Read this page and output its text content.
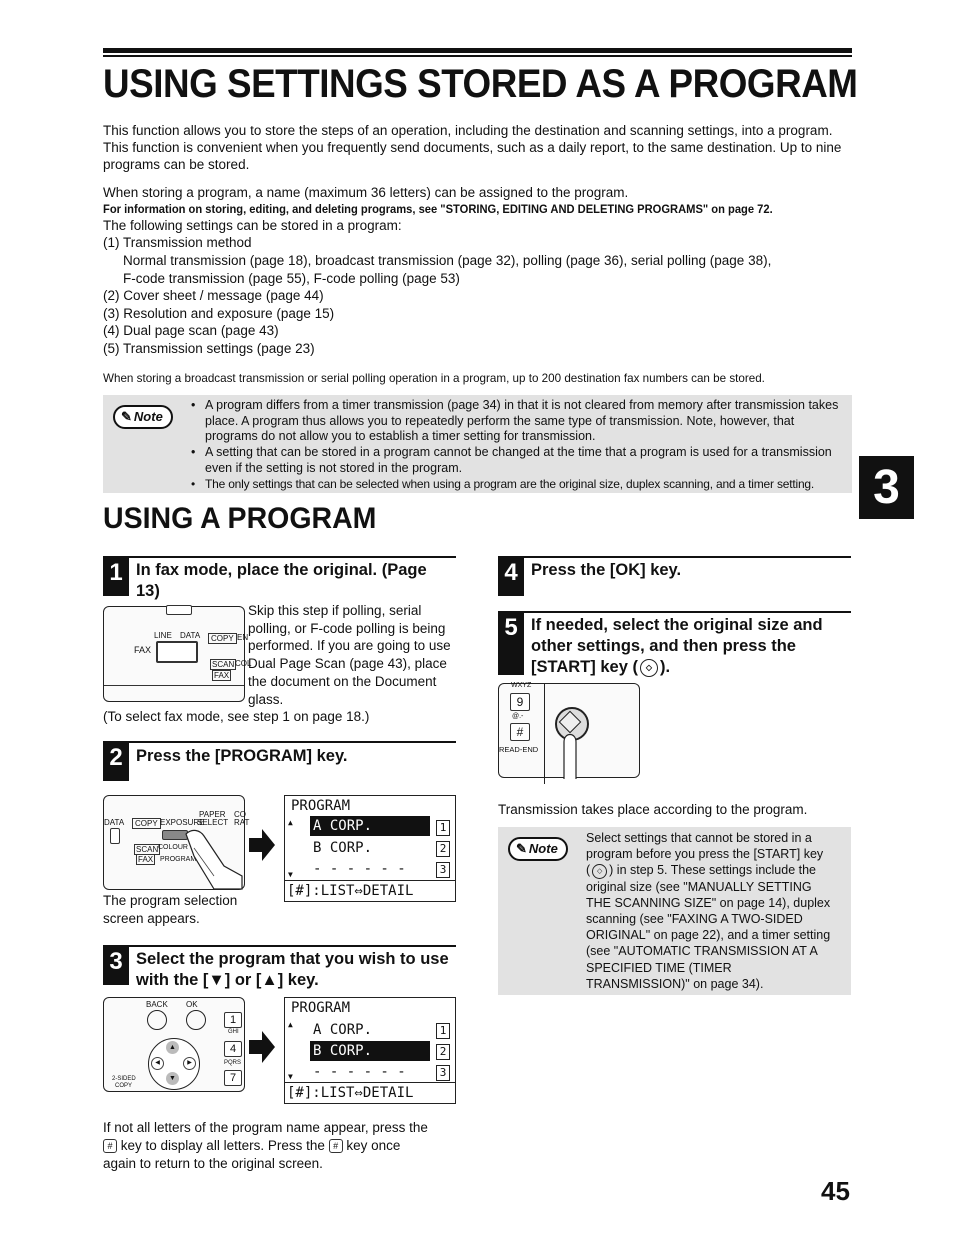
USING SETTINGS STORED AS A PROGRAM

This function allows you to store the steps of an operation, including the destination and scanning settings, into a program. This function is convenient when you frequently send documents, such as a daily report, to the same destination. Up to nine programs can be stored.

When storing a program, a name (maximum 36 letters) can be assigned to the program.

For information on storing, editing, and deleting programs, see "STORING, EDITING AND DELETING PROGRAMS" on page 72.
The following settings can be stored in a program:
(1) Transmission method
Normal transmission (page 18), broadcast transmission (page 32), polling (page 36), serial polling (page 38),
F-code transmission (page 55), F-code polling (page 53)
(2) Cover sheet / message (page 44)
(3) Resolution and exposure (page 15)
(4) Dual page scan (page 43)
(5) Transmission settings (page 23)
When storing a broadcast transmission or serial polling operation in a program, up to 200 destination fax numbers can be stored.
✎ Note
• A program differs from a timer transmission (page 34) in that it is not cleared from memory after transmission takes place. A program thus allows you to repeatedly perform the same type of transmission. Note, however, that programs do not allow you to establish a timer setting for transmission.
• A setting that can be stored in a program cannot be changed at the time that a program is used for a transmission even if the setting is not stored in the program.
• The only settings that can be selected when using a program are the original size, duplex scanning, and a timer setting.	3
USING A PROGRAM
1 In fax mode, place the original. (Page 13)
LINE DATA	COPY EN
FAX
SCAN
FAX
COL
Skip this step if polling, serial polling, or F-code polling is being performed. If you are going to use Dual Page Scan (page 43), place the document on the Document glass.
(To select fax mode, see step 1 on page 18.)
2 Press the [PROGRAM] key.
DATA	COPY EXPOSURE
PAPER
SELECT
CO
RAT
SCAN
FAX
COLOUR
PROGRAM
PROGRAM
▲ A CORP.
B CORP.
- - - - - -
▼
1
2
3
[#]:LIST⇔DETAIL
The program selection screen appears.
3 Select the program that you wish to use with the [▼] or [▲] key.
BACK OK
1
GHI
4
PQRS
7
▲
▼
◀	▶
2-SIDED
COPY
PROGRAM
▲ A CORP.
B CORP.
- - - - - -
▼
1
2
3
[#]:LIST⇔DETAIL
If not all letters of the program name appear, press the
# key to display all letters. Press the # key once
again to return to the original screen.
4 Press the [OK] key.
5 If needed, select the original size and
other settings, and then press the
[START] key ( ◇ ).
WXYZ
9
@.-
#
READ-END
Transmission takes place according to the program.
✎ Note
Select settings that cannot be stored in a
program before you press the [START] key
( ◇ ) in step 5. These settings include the
original size (see "MANUALLY SETTING
THE SCANNING SIZE" on page 14), duplex
scanning (see "FAXING A TWO-SIDED
ORIGINAL" on page 22), and a timer setting
(see "AUTOMATIC TRANSMISSION AT A
SPECIFIED TIME (TIMER
TRANSMISSION)" on page 34).
45
